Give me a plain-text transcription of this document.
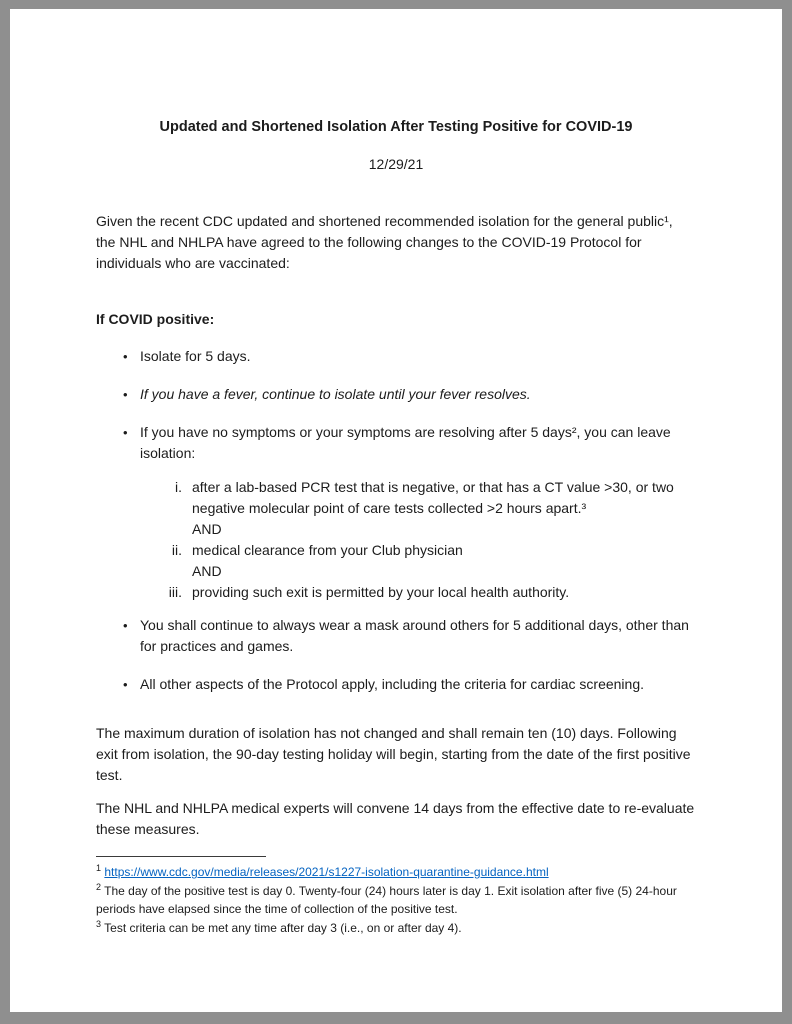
Updated and Shortened Isolation After Testing Positive for COVID-19
12/29/21

Given the recent CDC updated and shortened recommended isolation for the general public¹, the NHL and NHLPA have agreed to the following changes to the COVID-19 Protocol for individuals who are vaccinated:

If COVID positive:
• Isolate for 5 days.
• If you have a fever, continue to isolate until your fever resolves.
• If you have no symptoms or your symptoms are resolving after 5 days², you can leave isolation:
i. after a lab-based PCR test that is negative, or that has a CT value >30, or two negative molecular point of care tests collected >2 hours apart.³
AND
ii. medical clearance from your Club physician
AND
iii. providing such exit is permitted by your local health authority.
• You shall continue to always wear a mask around others for 5 additional days, other than for practices and games.
• All other aspects of the Protocol apply, including the criteria for cardiac screening.

The maximum duration of isolation has not changed and shall remain ten (10) days. Following exit from isolation, the 90-day testing holiday will begin, starting from the date of the first positive test.

The NHL and NHLPA medical experts will convene 14 days from the effective date to re-evaluate these measures.

$^1$ https://www.cdc.gov/media/releases/2021/s1227-isolation-quarantine-guidance.html
$^2$ The day of the positive test is day 0. Twenty-four (24) hours later is day 1. Exit isolation after five (5) 24-hour periods have elapsed since the time of collection of the positive test.
$^3$ Test criteria can be met any time after day 3 (i.e., on or after day 4).
